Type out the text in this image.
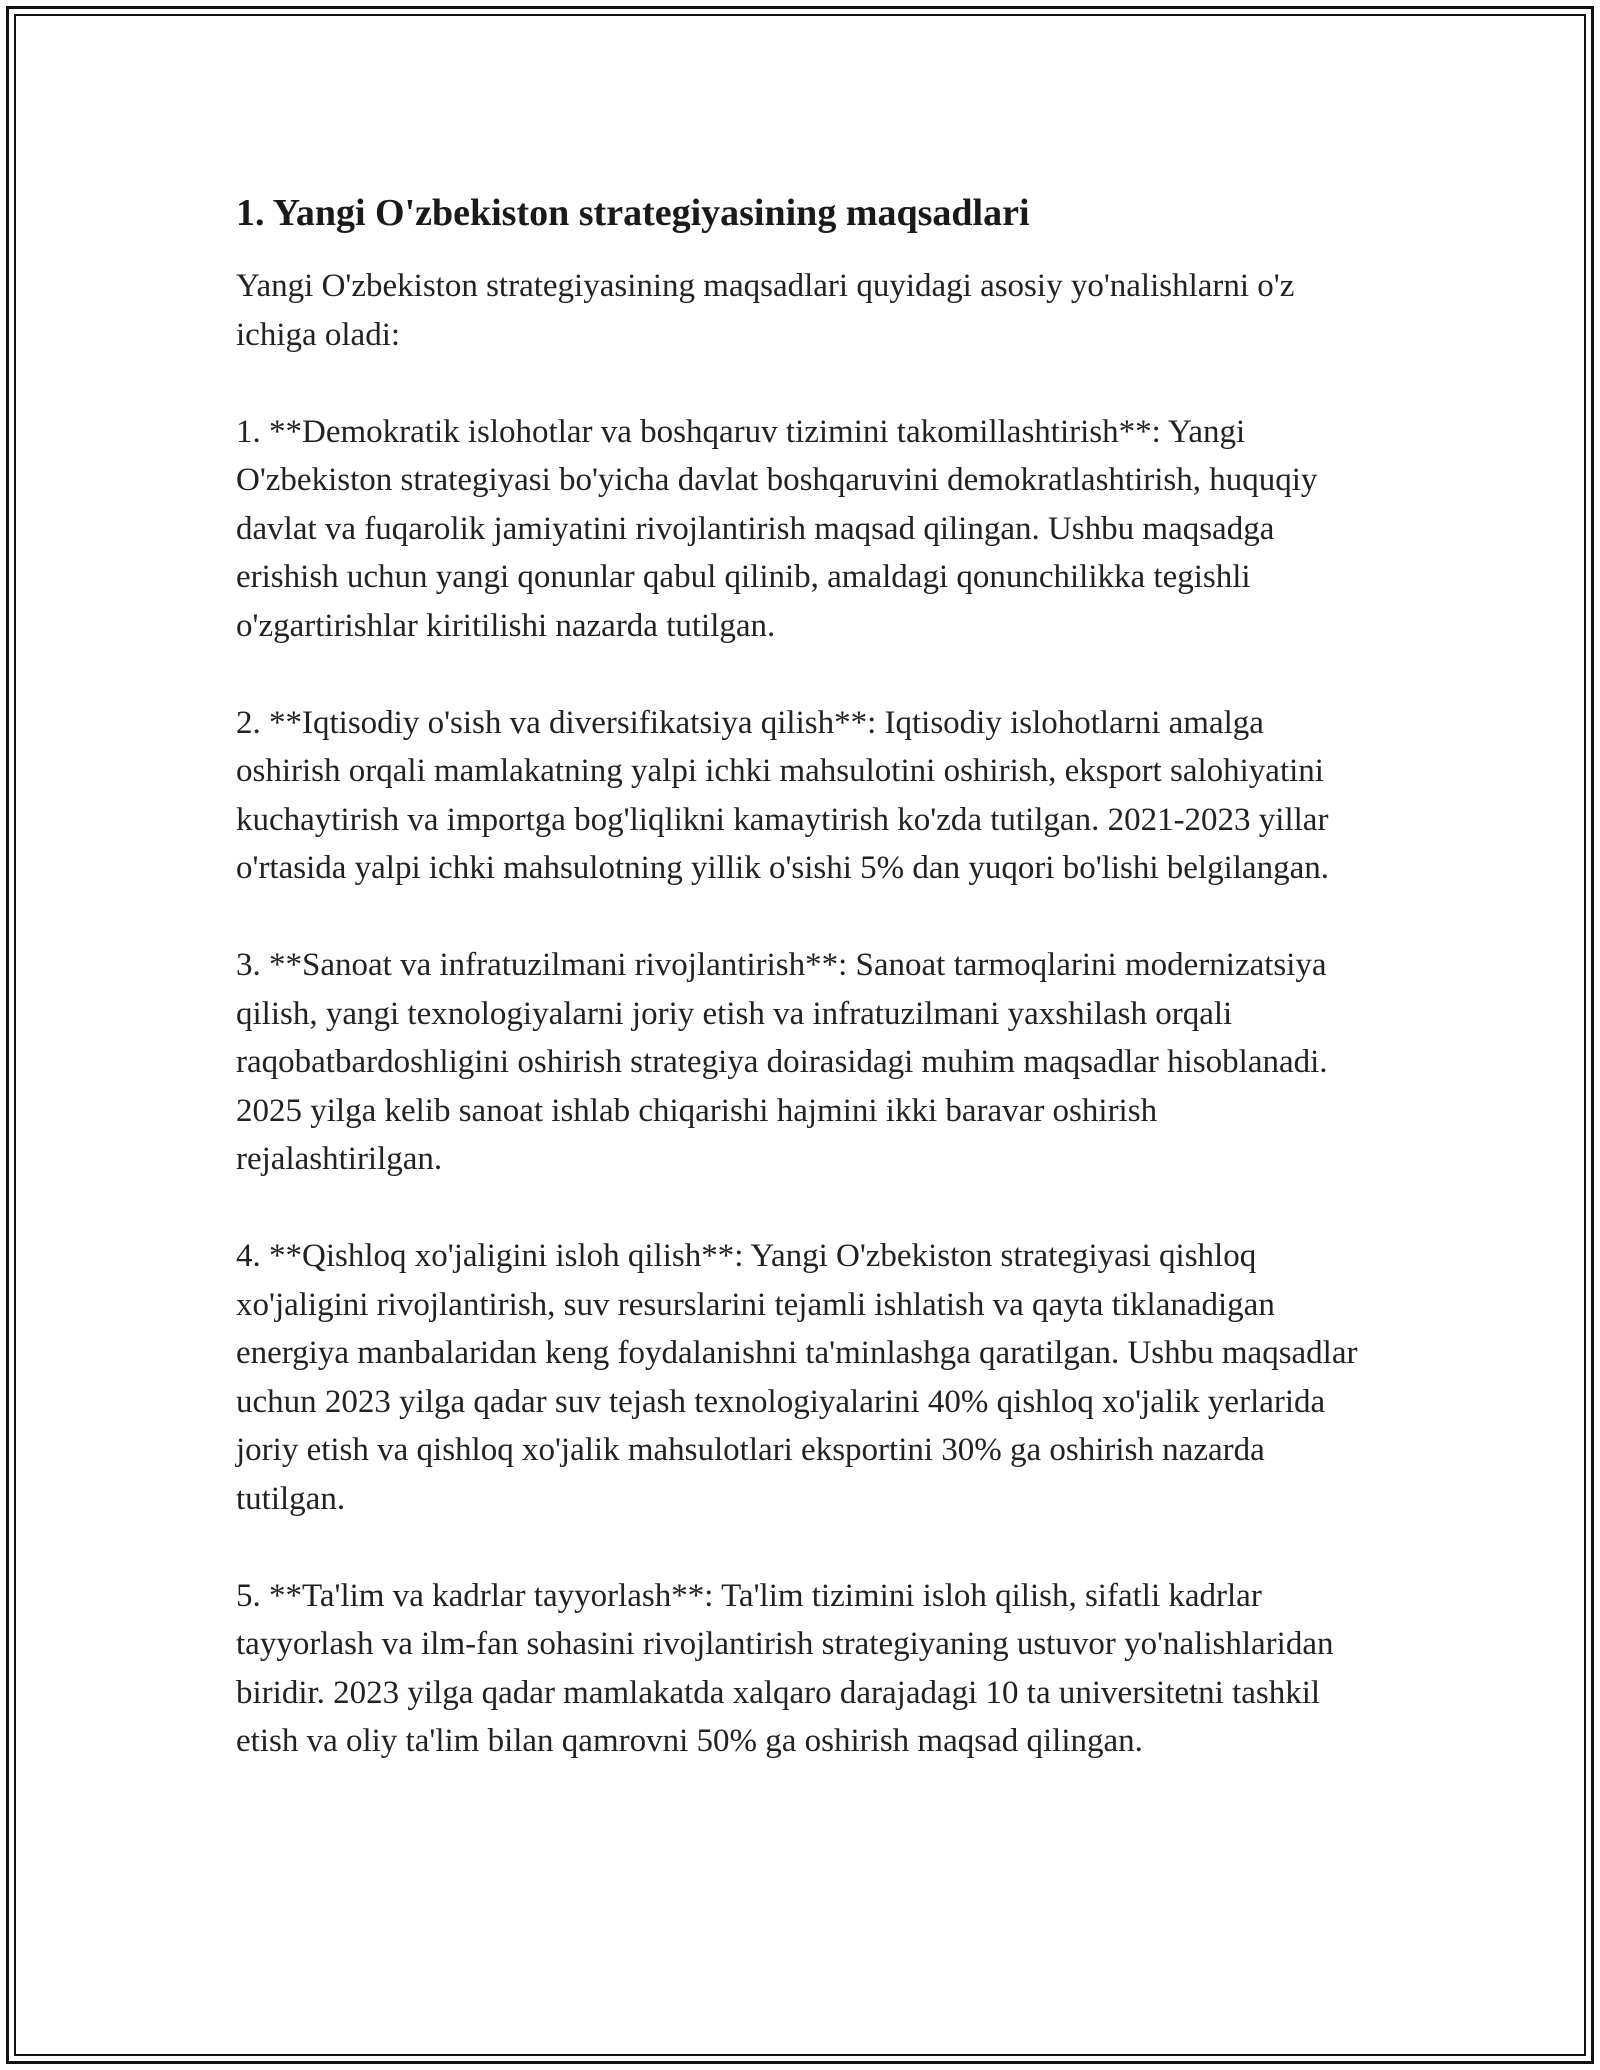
1. Yangi O'zbekiston strategiyasining maqsadlari

Yangi O'zbekiston strategiyasining maqsadlari quyidagi asosiy yo'nalishlarni o'z ichiga oladi:

1. **Demokratik islohotlar va boshqaruv tizimini takomillashtirish**: Yangi O'zbekiston strategiyasi bo'yicha davlat boshqaruvini demokratlashtirish, huquqiy davlat va fuqarolik jamiyatini rivojlantirish maqsad qilingan. Ushbu maqsadga erishish uchun yangi qonunlar qabul qilinib, amaldagi qonunchilikka tegishli o'zgartirishlar kiritilishi nazarda tutilgan.

2. **Iqtisodiy o'sish va diversifikatsiya qilish**: Iqtisodiy islohotlarni amalga oshirish orqali mamlakatning yalpi ichki mahsulotini oshirish, eksport salohiyatini kuchaytirish va importga bog'liqlikni kamaytirish ko'zda tutilgan. 2021-2023 yillar o'rtasida yalpi ichki mahsulotning yillik o'sishi 5% dan yuqori bo'lishi belgilangan.

3. **Sanoat va infratuzilmani rivojlantirish**: Sanoat tarmoqlarini modernizatsiya qilish, yangi texnologiyalarni joriy etish va infratuzilmani yaxshilash orqali raqobatbardoshligini oshirish strategiya doirasidagi muhim maqsadlar hisoblanadi. 2025 yilga kelib sanoat ishlab chiqarishi hajmini ikki baravar oshirish rejalashtirilgan.

4. **Qishloq xo'jaligini isloh qilish**: Yangi O'zbekiston strategiyasi qishloq xo'jaligini rivojlantirish, suv resurslarini tejamli ishlatish va qayta tiklanadigan energiya manbalaridan keng foydalanishni ta'minlashga qaratilgan. Ushbu maqsadlar uchun 2023 yilga qadar suv tejash texnologiyalarini 40% qishloq xo'jalik yerlarida joriy etish va qishloq xo'jalik mahsulotlari eksportini 30% ga oshirish nazarda tutilgan.

5. **Ta'lim va kadrlar tayyorlash**: Ta'lim tizimini isloh qilish, sifatli kadrlar tayyorlash va ilm-fan sohasini rivojlantirish strategiyaning ustuvor yo'nalishlaridan biridir. 2023 yilga qadar mamlakatda xalqaro darajadagi 10 ta universitetni tashkil etish va oliy ta'lim bilan qamrovni 50% ga oshirish maqsad qilingan.
